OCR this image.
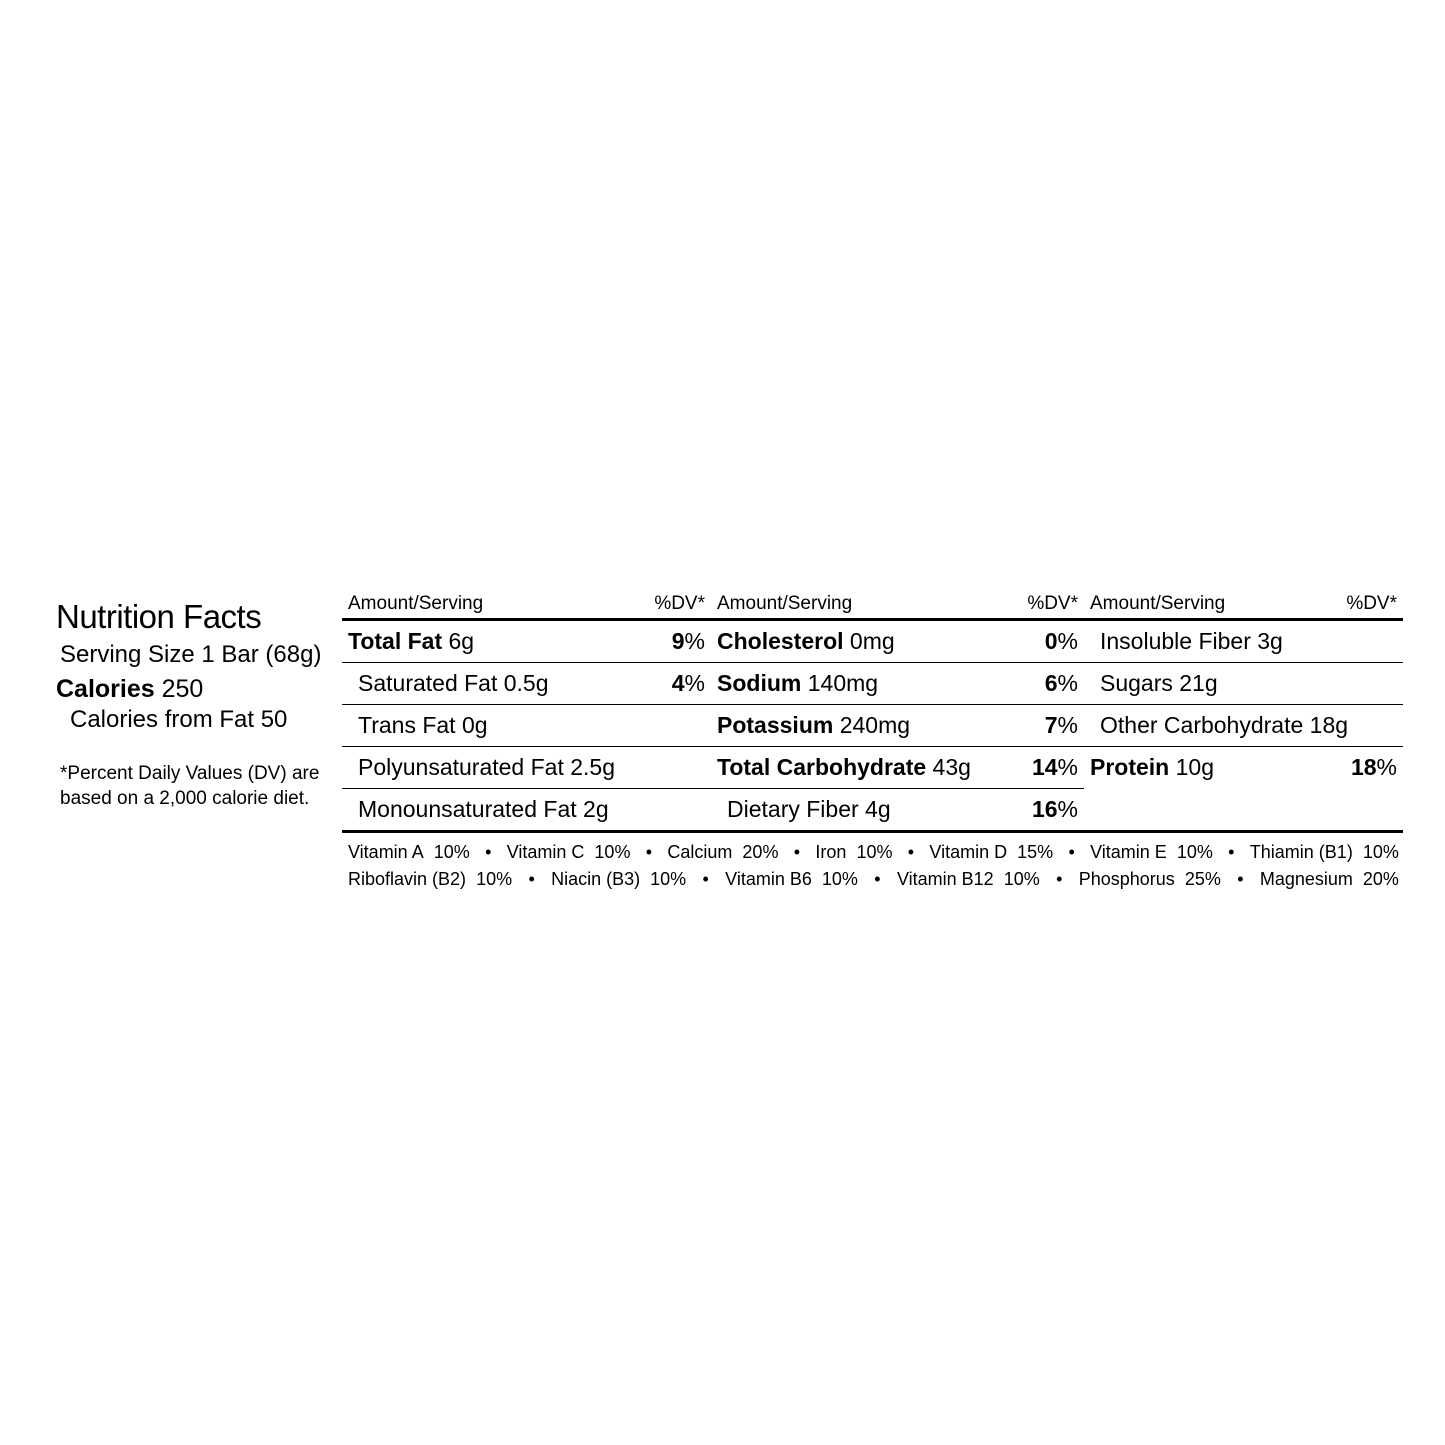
Nutrition Facts
Serving Size 1 Bar (68g)
Calories 250
Calories from Fat 50
*Percent Daily Values (DV) are
based on a 2,000 calorie diet.
Amount/Serving	%DV*
Total Fat 6g	9%
Saturated Fat 0.5g	4%
Trans Fat 0g
Polyunsaturated Fat 2.5g
Monounsaturated Fat 2g
Amount/Serving	%DV*
Cholesterol 0mg	0%
Sodium 140mg	6%
Potassium 240mg	7%
Total Carbohydrate 43g	14%
Dietary Fiber 4g	16%
Amount/Serving	%DV*
Insoluble Fiber 3g
Sugars 21g
Other Carbohydrate 18g
Protein 10g	18%
Vitamin A 10% • Vitamin C 10% • Calcium 20% • Iron 10% • Vitamin D 15% • Vitamin E 10% • Thiamin (B1) 10%
Riboflavin (B2) 10% • Niacin (B3) 10% • Vitamin B6 10% • Vitamin B12 10% • Phosphorus 25% • Magnesium 20%
